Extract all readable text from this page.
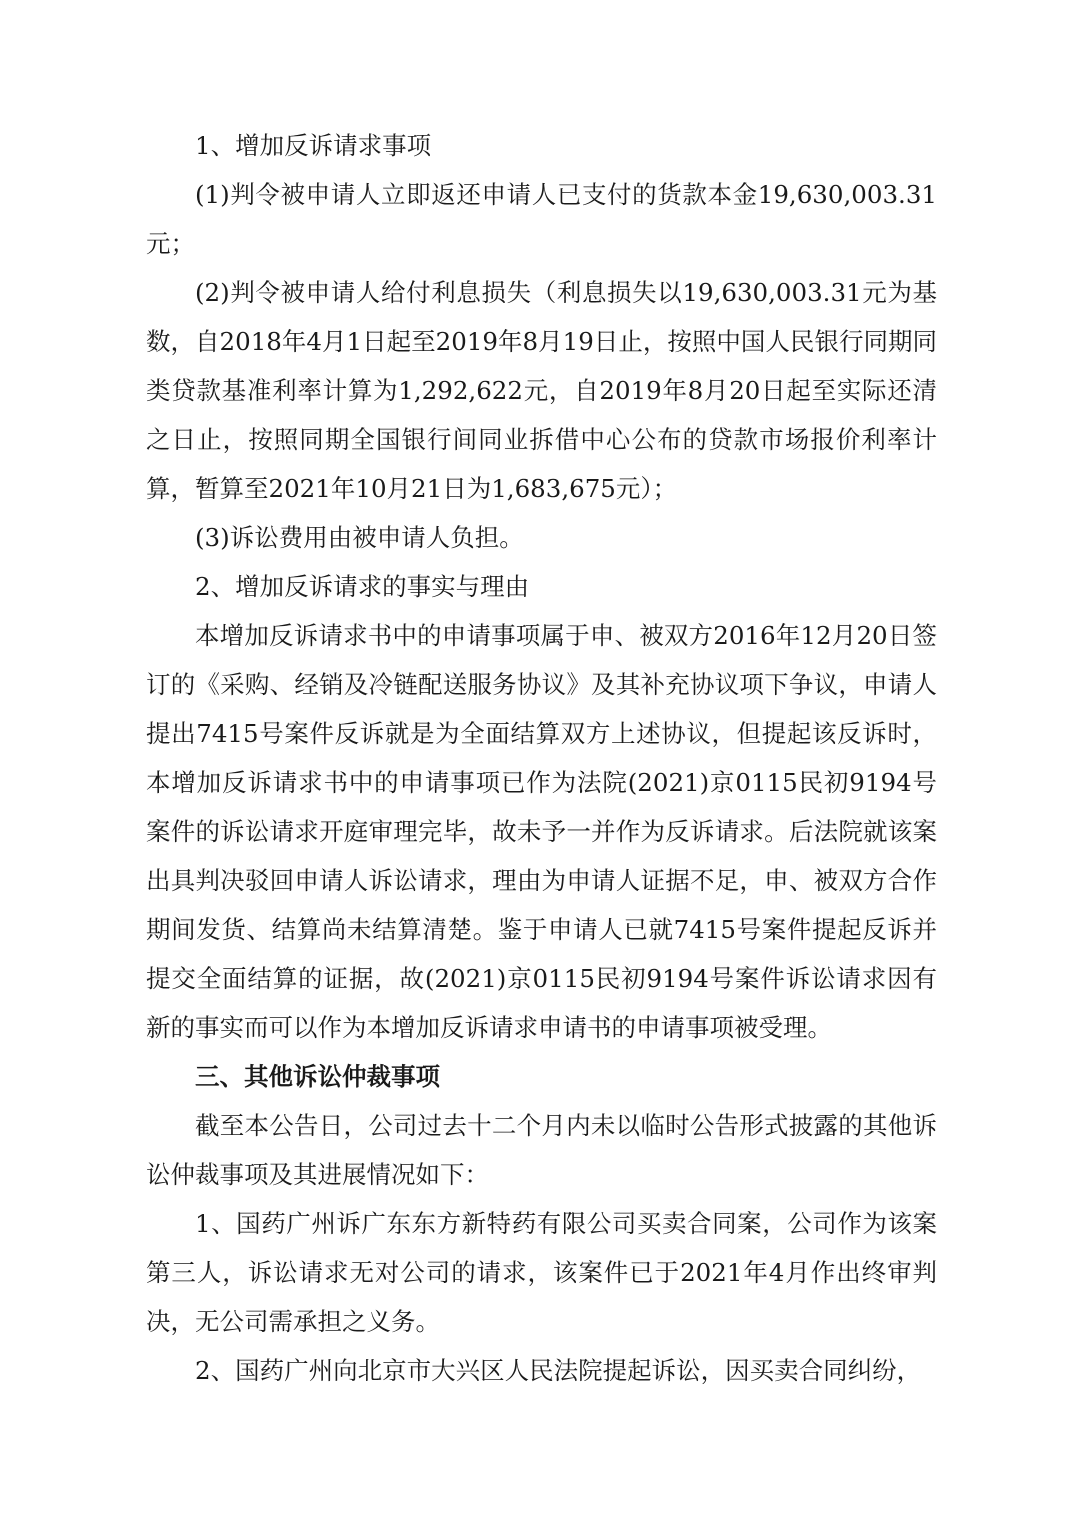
1、增加反诉请求事项

(1)判令被申请人立即返还申请人已支付的货款本金19,630,003.31元；

(2)判令被申请人给付利息损失（利息损失以19,630,003.31元为基数，自2018年4月1日起至2019年8月19日止，按照中国人民银行同期同类贷款基准利率计算为1,292,622元，自2019年8月20日起至实际还清之日止，按照同期全国银行间同业拆借中心公布的贷款市场报价利率计算，暂算至2021年10月21日为1,683,675元）；

(3)诉讼费用由被申请人负担。

2、增加反诉请求的事实与理由

本增加反诉请求书中的申请事项属于申、被双方2016年12月20日签订的《采购、经销及冷链配送服务协议》及其补充协议项下争议，申请人提出7415号案件反诉就是为全面结算双方上述协议，但提起该反诉时，本增加反诉请求书中的申请事项已作为法院(2021)京0115民初9194号案件的诉讼请求开庭审理完毕，故未予一并作为反诉请求。后法院就该案出具判决驳回申请人诉讼请求，理由为申请人证据不足，申、被双方合作期间发货、结算尚未结算清楚。鉴于申请人已就7415号案件提起反诉并提交全面结算的证据，故(2021)京0115民初9194号案件诉讼请求因有新的事实而可以作为本增加反诉请求申请书的申请事项被受理。

三、其他诉讼仲裁事项

截至本公告日，公司过去十二个月内未以临时公告形式披露的其他诉讼仲裁事项及其进展情况如下：

1、国药广州诉广东东方新特药有限公司买卖合同案，公司作为该案第三人，诉讼请求无对公司的请求，该案件已于2021年4月作出终审判决，无公司需承担之义务。

2、国药广州向北京市大兴区人民法院提起诉讼，因买卖合同纠纷，
